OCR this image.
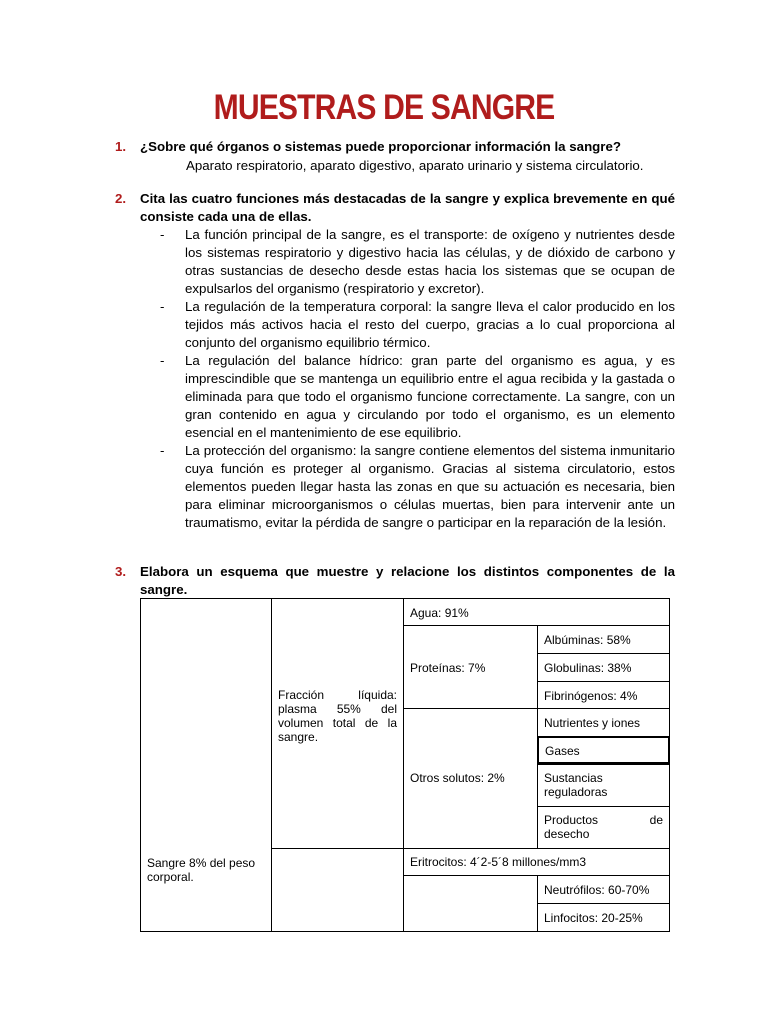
MUESTRAS DE SANGRE
1. ¿Sobre qué órganos o sistemas puede proporcionar información la sangre?
Aparato respiratorio, aparato digestivo, aparato urinario y sistema circulatorio.
2. Cita las cuatro funciones más destacadas de la sangre y explica brevemente en qué consiste cada una de ellas.
- La función principal de la sangre, es el transporte: de oxígeno y nutrientes desde los sistemas respiratorio y digestivo hacia las células, y de dióxido de carbono y otras sustancias de desecho desde estas hacia los sistemas que se ocupan de expulsarlos del organismo (respiratorio y excretor).
- La regulación de la temperatura corporal: la sangre lleva el calor producido en los tejidos más activos hacia el resto del cuerpo, gracias a lo cual proporciona al conjunto del organismo equilibrio térmico.
- La regulación del balance hídrico: gran parte del organismo es agua, y es imprescindible que se mantenga un equilibrio entre el agua recibida y la gastada o eliminada para que todo el organismo funcione correctamente. La sangre, con un gran contenido en agua y circulando por todo el organismo, es un elemento esencial en el mantenimiento de ese equilibrio.
- La protección del organismo: la sangre contiene elementos del sistema inmunitario cuya función es proteger al organismo. Gracias al sistema circulatorio, estos elementos pueden llegar hasta las zonas en que su actuación es necesaria, bien para eliminar microorganismos o células muertas, bien para intervenir ante un traumatismo, evitar la pérdida de sangre o participar en la reparación de la lesión.
3. Elabora un esquema que muestre y relacione los distintos componentes de la sangre.
Sangre 8% del peso corporal.
Fracción líquida: plasma 55% del volumen total de la sangre.
Agua: 91%
Proteínas: 7%
Otros solutos: 2%
Eritrocitos: 4´2-5´8 millones/mm3
Albúminas: 58%
Globulinas: 38%
Fibrinógenos: 4%
Nutrientes y iones
Gases
Sustancias reguladoras
Productos de desecho
Neutrófilos: 60-70%
Linfocitos: 20-25%
